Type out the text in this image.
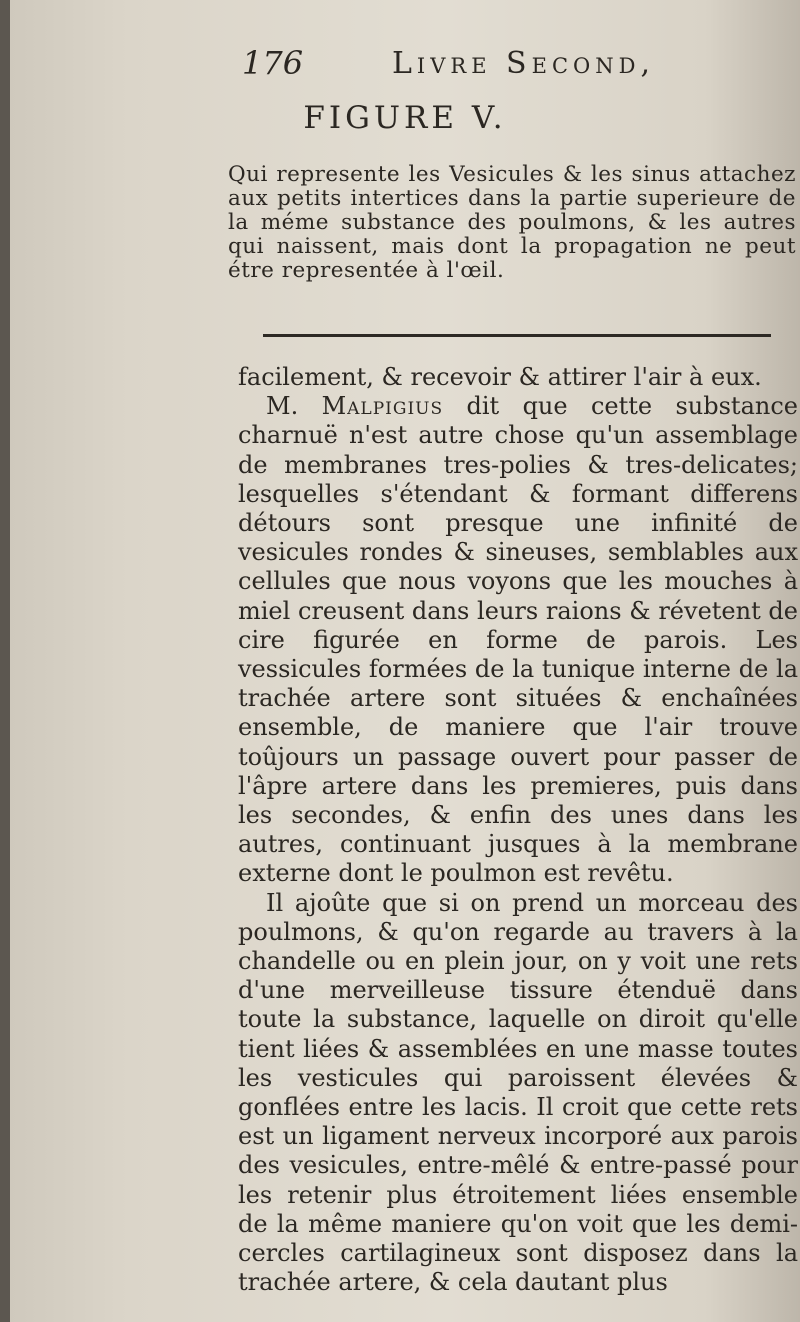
176	Livre Second,
FIGURE V.

Qui represente les Vesicules & les sinus attachez aux petits intertices dans la partie superieure de la méme substance des poulmons, & les autres qui naissent, mais dont la propagation ne peut étre representée à l'œil.

facilement, & recevoir & attirer l'air à eux.

M. Malpigius dit que cette substance charnuë n'est autre chose qu'un assemblage de membranes tres-polies & tres-delicates; lesquelles s'étendant & formant differens détours sont presque une infinité de vesicules rondes & sineuses, semblables aux cellules que nous voyons que les mouches à miel creusent dans leurs raions & révetent de cire figurée en forme de parois. Les vessicules formées de la tunique interne de la trachée artere sont situées & enchaînées ensemble, de maniere que l'air trouve toûjours un passage ouvert pour passer de l'âpre artere dans les premieres, puis dans les secondes, & enfin des unes dans les autres, continuant jusques à la membrane externe dont le poulmon est revêtu.

Il ajoûte que si on prend un morceau des poulmons, & qu'on regarde au travers à la chandelle ou en plein jour, on y voit une rets d'une merveilleuse tissure étenduë dans toute la substance, laquelle on diroit qu'elle tient liées & assemblées en une masse toutes les vesticules qui paroissent élevées & gonflées entre les lacis. Il croit que cette rets est un ligament nerveux incorporé aux parois des vesicules, entre-mêlé & entre-passé pour les retenir plus étroitement liées ensemble de la même maniere qu'on voit que les demi-cercles cartilagineux sont disposez dans la trachée artere, & cela dautant plus
